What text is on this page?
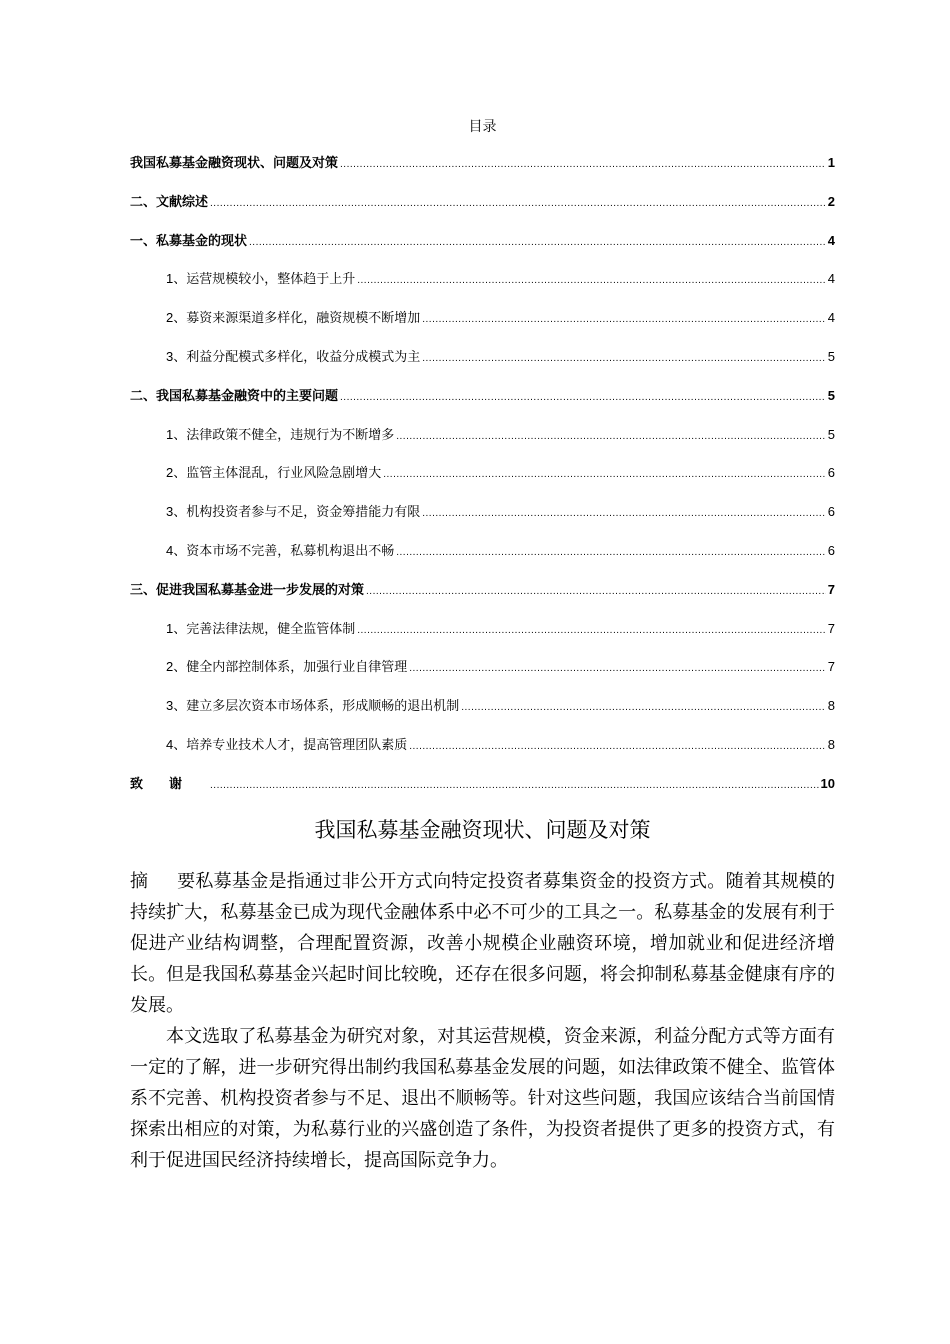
目录
我国私募基金融资现状、问题及对策 .....	1
二、文献综述 .....	2
一、私募基金的现状 .....	4
1、运营规模较小，整体趋于上升 .....	4
2、募资来源渠道多样化，融资规模不断增加 .....	4
3、利益分配模式多样化，收益分成模式为主 .....	5
二、我国私募基金融资中的主要问题 .....	5
1、法律政策不健全，违规行为不断增多 .....	5
2、监管主体混乱，行业风险急剧增大 .....	6
3、机构投资者参与不足，资金筹措能力有限 .....	6
4、资本市场不完善，私募机构退出不畅 .....	6
三、促进我国私募基金进一步发展的对策 .....	7
1、完善法律法规，健全监管体制 .....	7
2、健全内部控制体系，加强行业自律管理 .....	7
3、建立多层次资本市场体系，形成顺畅的退出机制 .....	8
4、培养专业技术人才，提高管理团队素质 .....	8
致谢 .....	10
我国私募基金融资现状、问题及对策

摘要私募基金是指通过非公开方式向特定投资者募集资金的投资方式。随着其规模的持续扩大，私募基金已成为现代金融体系中必不可少的工具之一。私募基金的发展有利于促进产业结构调整，合理配置资源，改善小规模企业融资环境，增加就业和促进经济增长。但是我国私募基金兴起时间比较晚，还存在很多问题，将会抑制私募基金健康有序的发展。

本文选取了私募基金为研究对象，对其运营规模，资金来源，利益分配方式等方面有一定的了解，进一步研究得出制约我国私募基金发展的问题，如法律政策不健全、监管体系不完善、机构投资者参与不足、退出不顺畅等。针对这些问题，我国应该结合当前国情探索出相应的对策，为私募行业的兴盛创造了条件，为投资者提供了更多的投资方式，有利于促进国民经济持续增长，提高国际竞争力。
